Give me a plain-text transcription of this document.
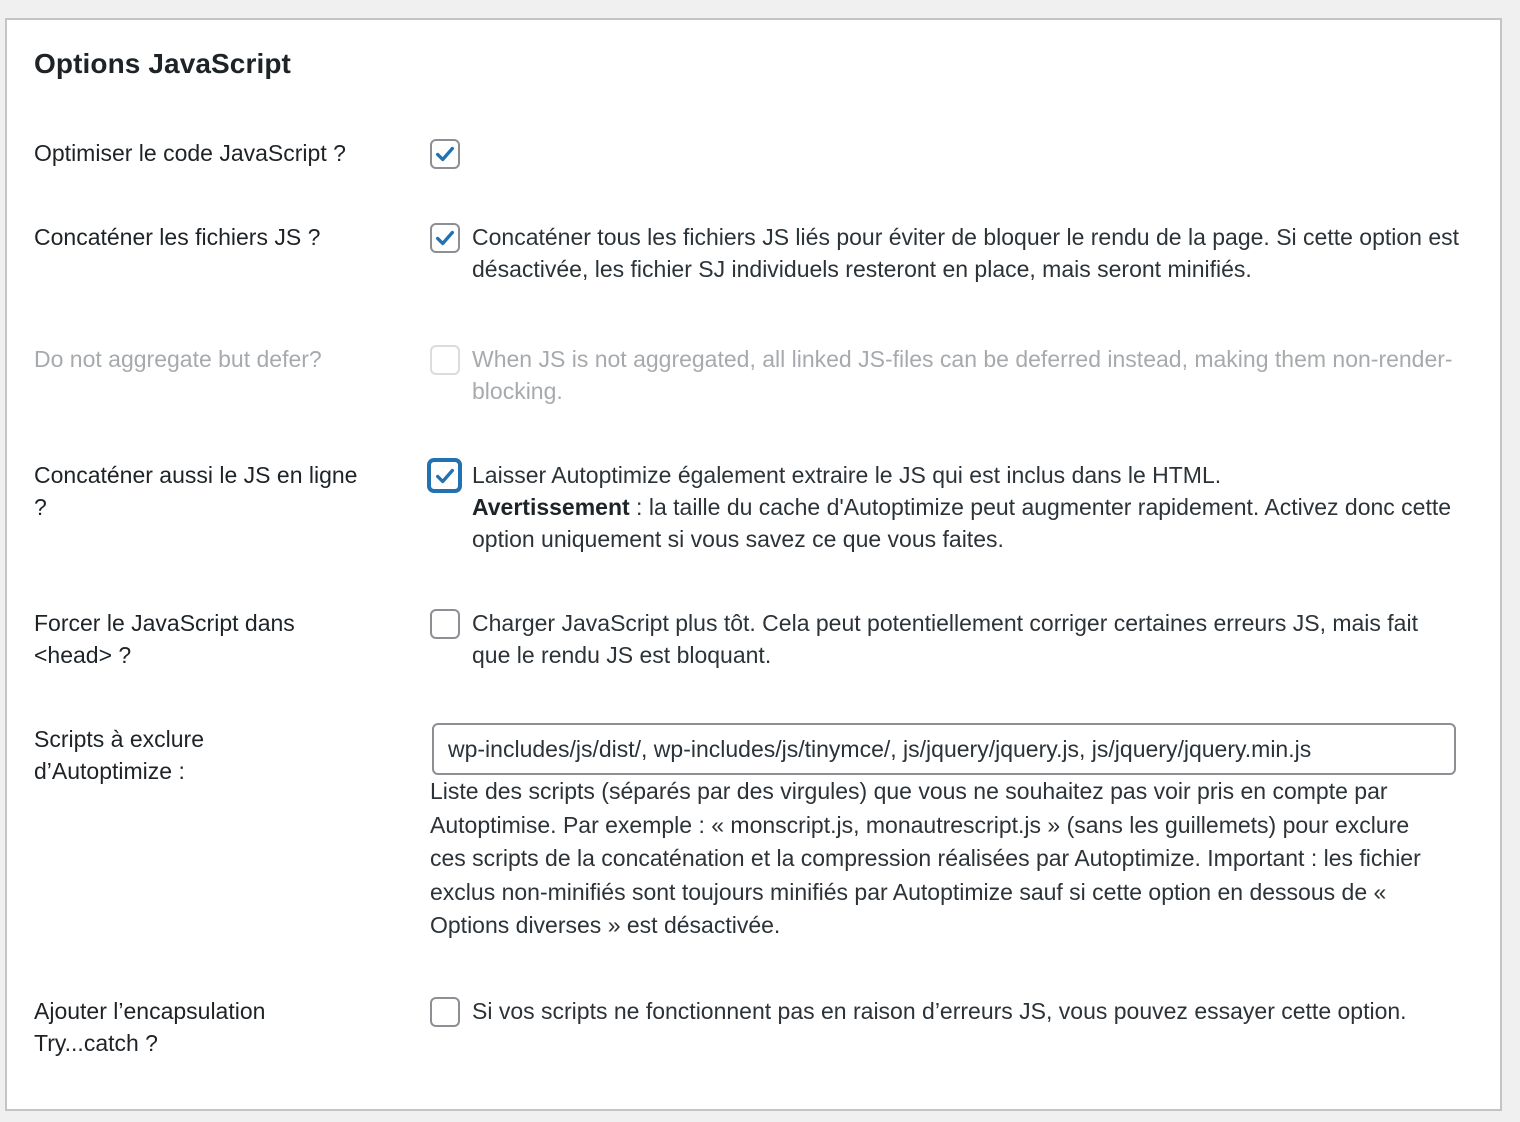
Options JavaScript
Optimiser le code JavaScript ?
Concaténer les fichiers JS ?	Concaténer tous les fichiers JS liés pour éviter de bloquer le rendu de la page. Si cette option est désactivée, les fichier SJ individuels resteront en place, mais seront minifiés.
Do not aggregate but defer?	When JS is not aggregated, all linked JS-files can be deferred instead, making them non-render-blocking.
Concaténer aussi le JS en ligne ?
Laisser Autoptimize également extraire le JS qui est inclus dans le HTML.
Avertissement : la taille du cache d'Autoptimize peut augmenter rapidement. Activez donc cette option uniquement si vous savez ce que vous faites.
Forcer le JavaScript dans <head> ?
Charger JavaScript plus tôt. Cela peut potentiellement corriger certaines erreurs JS, mais fait que le rendu JS est bloquant.
Scripts à exclure d’Autoptimize :
wp-includes/js/dist/, wp-includes/js/tinymce/, js/jquery/jquery.js, js/jquery/jquery.min.js
Liste des scripts (séparés par des virgules) que vous ne souhaitez pas voir pris en compte par Autoptimise. Par exemple : « monscript.js, monautrescript.js » (sans les guillemets) pour exclure ces scripts de la concaténation et la compression réalisées par Autoptimize. Important : les fichier exclus non-minifiés sont toujours minifiés par Autoptimize sauf si cette option en dessous de « Options diverses » est désactivée.
Ajouter l’encapsulation Try...catch ?
Si vos scripts ne fonctionnent pas en raison d’erreurs JS, vous pouvez essayer cette option.
